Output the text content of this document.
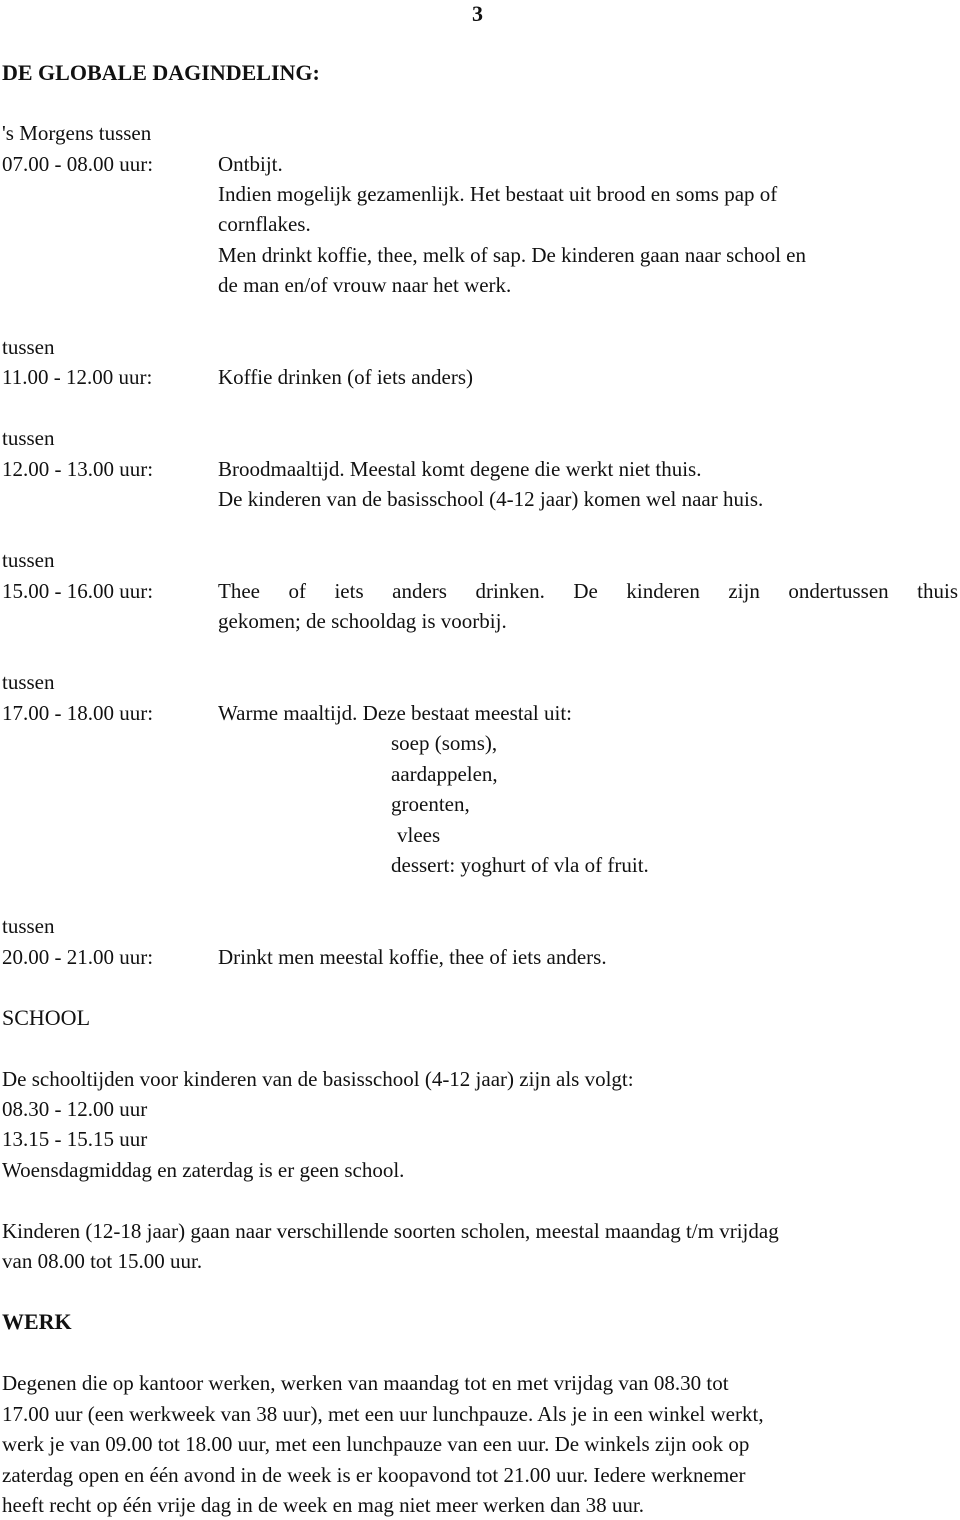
3
DE GLOBALE DAGINDELING:
's Morgens tussen
07.00 - 08.00 uur:	Ontbijt.
Indien mogelijk gezamenlijk. Het bestaat uit brood en soms pap of
cornflakes.
Men drinkt koffie, thee, melk of sap. De kinderen gaan naar school en
de man en/of vrouw naar het werk.
tussen
11.00 - 12.00 uur:	Koffie drinken (of iets anders)
tussen
12.00 - 13.00 uur:	Broodmaaltijd. Meestal komt degene die werkt niet thuis.
De kinderen van de basisschool (4-12 jaar) komen wel naar huis.
tussen
15.00 - 16.00 uur:	Thee of iets anders drinken. De kinderen zijn ondertussen thuis
gekomen; de schooldag is voorbij.
tussen
17.00 - 18.00 uur:	Warme maaltijd. Deze bestaat meestal uit:
soep (soms),
aardappelen,
groenten,
vlees
dessert: yoghurt of vla of fruit.
tussen
20.00 - 21.00 uur:	Drinkt men meestal koffie, thee of iets anders.
SCHOOL
De schooltijden voor kinderen van de basisschool (4-12 jaar) zijn als volgt:
08.30 - 12.00 uur
13.15 - 15.15 uur
Woensdagmiddag en zaterdag is er geen school.
Kinderen (12-18 jaar) gaan naar verschillende soorten scholen, meestal maandag t/m vrijdag
van 08.00 tot 15.00 uur.
WERK
Degenen die op kantoor werken, werken van maandag tot en met vrijdag van 08.30 tot
17.00 uur (een werkweek van 38 uur), met een uur lunchpauze. Als je in een winkel werkt,
werk je van 09.00 tot 18.00 uur, met een lunchpauze van een uur. De winkels zijn ook op
zaterdag open en één avond in de week is er koopavond tot 21.00 uur. Iedere werknemer
heeft recht op één vrije dag in de week en mag niet meer werken dan 38 uur.
